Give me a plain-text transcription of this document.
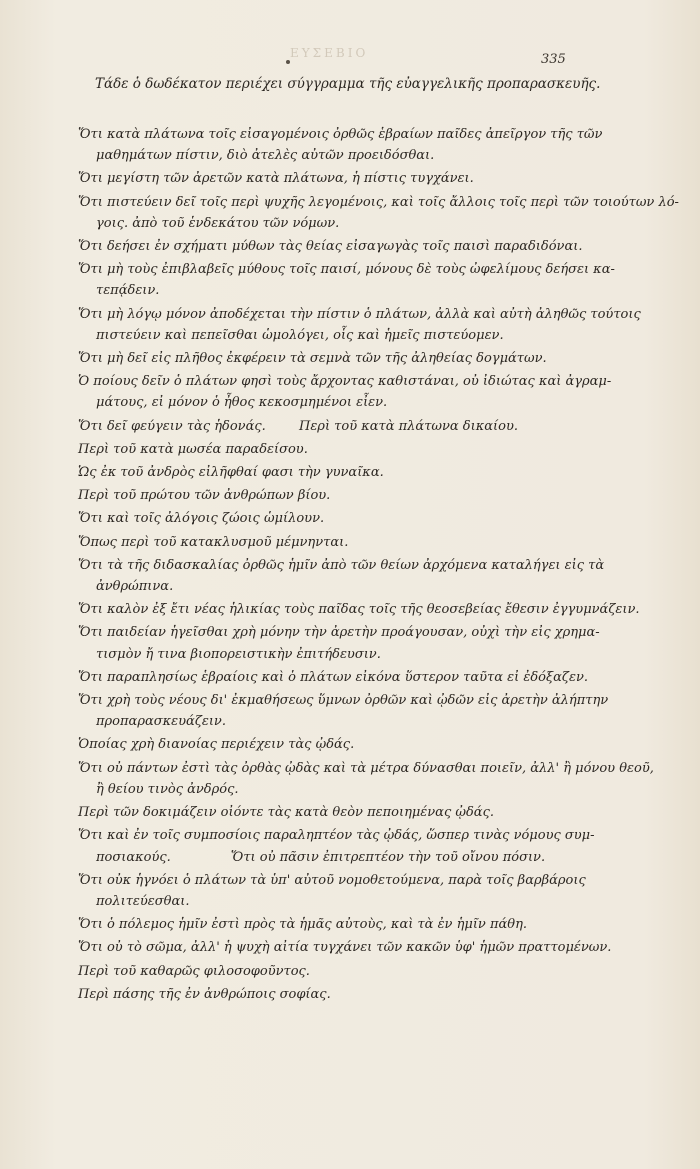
ΕΥΣΕΒΙΟ	335
Τάδε ὁ δωδέκατον περιέχει σύγγραμμα τῆς εὐαγγελικῆς προπαρασκευῆς.
Ὅτι κατὰ πλάτωνα τοῖς εἰσαγομένοις ὀρθῶς ἑβραίων παῖδες ἀπεῖργον τῆς τῶν
μαθημάτων πίστιν, διὸ ἀτελὲς αὐτῶν προειδόσθαι.
Ὅτι μεγίστη τῶν ἀρετῶν κατὰ πλάτωνα, ἡ πίστις τυγχάνει.
Ὅτι πιστεύειν δεῖ τοῖς περὶ ψυχῆς λεγομένοις, καὶ τοῖς ἄλλοις τοῖς περὶ τῶν τοιούτων λό-
γοις. ἀπὸ τοῦ ἑνδεκάτου τῶν νόμων.
Ὅτι δεήσει ἐν σχήματι μύθων τὰς θείας εἰσαγωγὰς τοῖς παισὶ παραδιδόναι.
Ὅτι μὴ τοὺς ἐπιβλαβεῖς μύθους τοῖς παισί, μόνους δὲ τοὺς ὠφελίμους δεήσει κα-
τεπᾴδειν.
Ὅτι μὴ λόγῳ μόνον ἀποδέχεται τὴν πίστιν ὁ πλάτων, ἀλλὰ καὶ αὐτὴ ἀληθῶς τούτοις
πιστεύειν καὶ πεπεῖσθαι ὡμολόγει, οἷς καὶ ἡμεῖς πιστεύομεν.
Ὅτι μὴ δεῖ εἰς πλῆθος ἐκφέρειν τὰ σεμνὰ τῶν τῆς ἀληθείας δογμάτων.
Ὁ ποίους δεῖν ὁ πλάτων φησὶ τοὺς ἄρχοντας καθιστάναι, οὐ ἰδιώτας καὶ ἀγραμ-
μάτους, εἰ μόνον ὁ ἦθος κεκοσμημένοι εἶεν.
Ὅτι δεῖ φεύγειν τὰς ἡδονάς.	Περὶ τοῦ κατὰ πλάτωνα δικαίου.
Περὶ τοῦ κατὰ μωσέα παραδείσου.
Ὡς ἐκ τοῦ ἀνδρὸς εἰλῆφθαί φασι τὴν γυναῖκα.
Περὶ τοῦ πρώτου τῶν ἀνθρώπων βίου.
Ὅτι καὶ τοῖς ἀλόγοις ζώοις ὡμίλουν.
Ὅπως περὶ τοῦ κατακλυσμοῦ μέμνηνται.
Ὅτι τὰ τῆς διδασκαλίας ὀρθῶς ἡμῖν ἀπὸ τῶν θείων ἀρχόμενα καταλήγει εἰς τὰ
ἀνθρώπινα.
Ὅτι καλὸν ἐξ ἔτι νέας ἡλικίας τοὺς παῖδας τοῖς τῆς θεοσεβείας ἔθεσιν ἐγγυμνάζειν.
Ὅτι παιδείαν ἡγεῖσθαι χρὴ μόνην τὴν ἀρετὴν προάγουσαν, οὐχὶ τὴν εἰς χρημα-
τισμὸν ἤ τινα βιοπορειστικὴν ἐπιτήδευσιν.
Ὅτι παραπλησίως ἑβραίοις καὶ ὁ πλάτων εἰκόνα ὕστερον ταῦτα εἰ ἐδόξαζεν.
Ὅτι χρὴ τοὺς νέους δι' ἐκμαθήσεως ὕμνων ὀρθῶν καὶ ᾠδῶν εἰς ἀρετὴν ἀλήπτην
προπαρασκευάζειν.
Ὁποίας χρὴ διανοίας περιέχειν τὰς ᾠδάς.
Ὅτι οὐ πάντων ἐστὶ τὰς ὀρθὰς ᾠδὰς καὶ τὰ μέτρα δύνασθαι ποιεῖν, ἀλλ' ἢ μόνου θεοῦ,
ἢ θείου τινὸς ἀνδρός.
Περὶ τῶν δοκιμάζειν οἰόντε τὰς κατὰ θεὸν πεποιημένας ᾠδάς.
Ὅτι καὶ ἐν τοῖς συμποσίοις παραληπτέον τὰς ᾠδάς, ὥσπερ τινὰς νόμους συμ-
ποσιακούς.	Ὅτι οὐ πᾶσιν ἐπιτρεπτέον τὴν τοῦ οἴνου πόσιν.
Ὅτι οὐκ ἡγνόει ὁ πλάτων τὰ ὑπ' αὐτοῦ νομοθετούμενα, παρὰ τοῖς βαρβάροις
πολιτεύεσθαι.
Ὅτι ὁ πόλεμος ἡμῖν ἐστὶ πρὸς τὰ ἡμᾶς αὐτοὺς, καὶ τὰ ἐν ἡμῖν πάθη.
Ὅτι οὐ τὸ σῶμα, ἀλλ' ἡ ψυχὴ αἰτία τυγχάνει τῶν κακῶν ὑφ' ἡμῶν πραττομένων.
Περὶ τοῦ καθαρῶς φιλοσοφοῦντος.
Περὶ πάσης τῆς ἐν ἀνθρώποις σοφίας.
